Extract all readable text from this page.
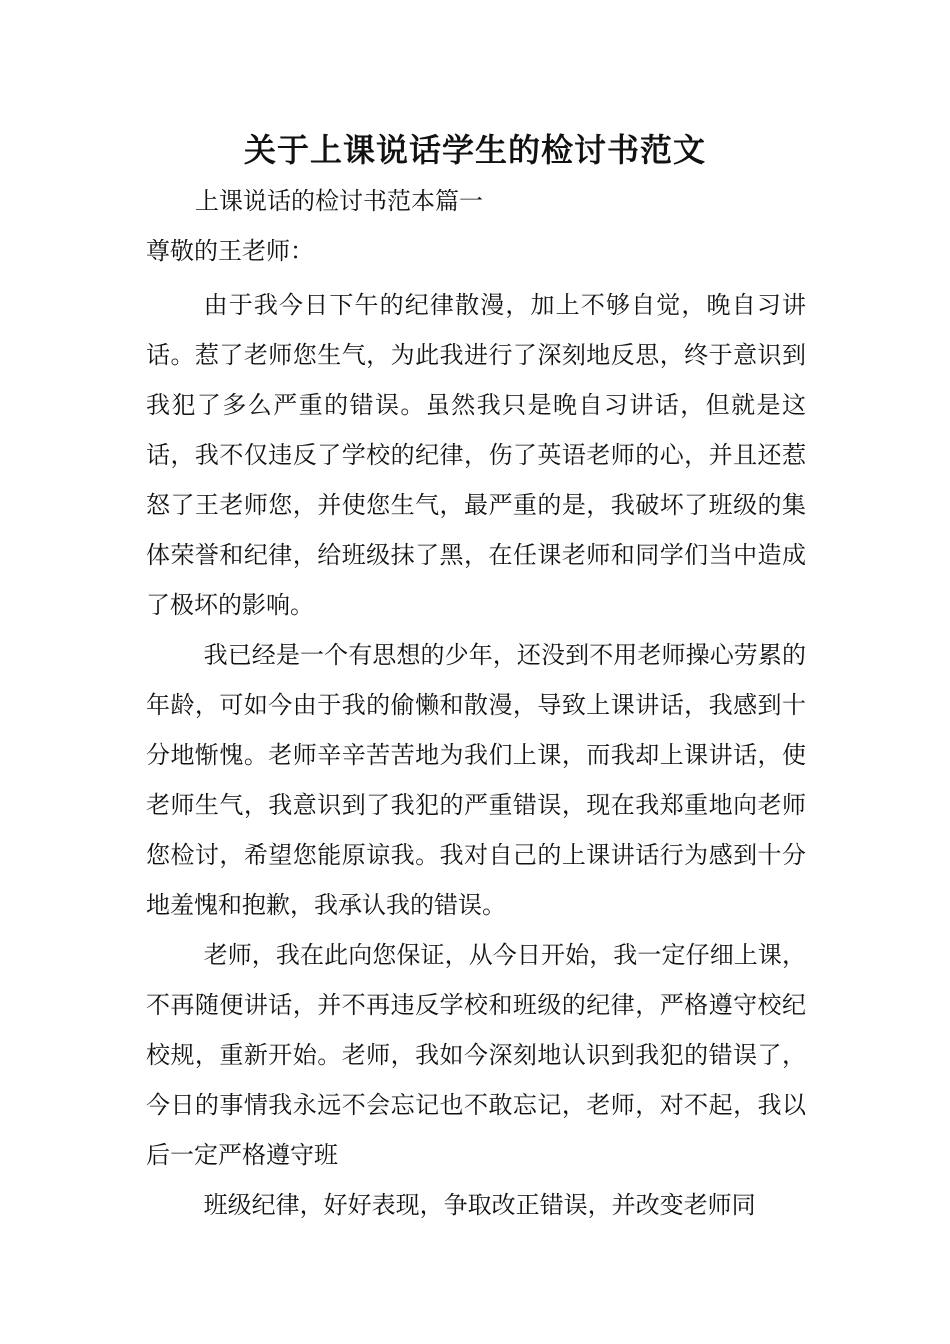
关于上课说话学生的检讨书范文

上课说话的检讨书范本篇一

尊敬的王老师：

由于我今日下午的纪律散漫，加上不够自觉，晚自习讲话。惹了老师您生气，为此我进行了深刻地反思，终于意识到我犯了多么严重的错误。虽然我只是晚自习讲话，但就是这话，我不仅违反了学校的纪律，伤了英语老师的心，并且还惹怒了王老师您，并使您生气，最严重的是，我破坏了班级的集体荣誉和纪律，给班级抹了黑，在任课老师和同学们当中造成了极坏的影响。

我已经是一个有思想的少年，还没到不用老师操心劳累的年龄，可如今由于我的偷懒和散漫，导致上课讲话，我感到十分地惭愧。老师辛辛苦苦地为我们上课，而我却上课讲话，使老师生气，我意识到了我犯的严重错误，现在我郑重地向老师您检讨，希望您能原谅我。我对自己的上课讲话行为感到十分地羞愧和抱歉，我承认我的错误。

老师，我在此向您保证，从今日开始，我一定仔细上课，不再随便讲话，并不再违反学校和班级的纪律，严格遵守校纪校规，重新开始。老师，我如今深刻地认识到我犯的错误了，今日的事情我永远不会忘记也不敢忘记，老师，对不起，我以后一定严格遵守班

班级纪律，好好表现，争取改正错误，并改变老师同
